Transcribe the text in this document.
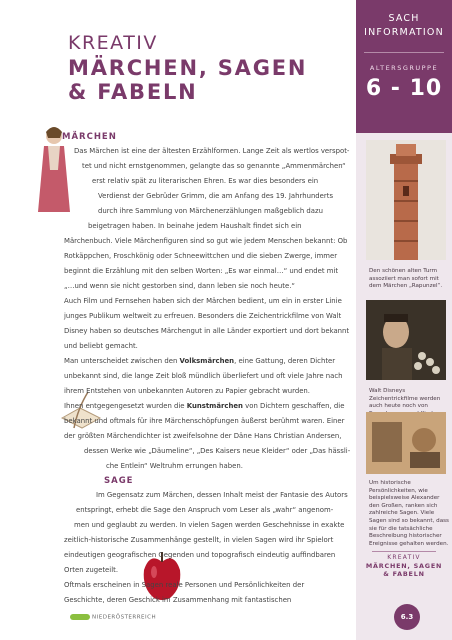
KREATIV
MÄRCHEN, SAGEN
& FABELN
SACH
INFORMATION
ALTERSGRUPPE
6 - 10
Den schönen alten Turm assoziiert man sofort mit dem Märchen „Rapunzel“.
Walt Disneys Zeichentrickfilme werden auch heute noch von
Um historische Persönlichkeiten, wie beispielsweise Alexander den Großen, ranken sich zahlreiche Sagen. Viele Sagen sind so bekannt, dass sie für die tatsächliche Beschreibung historischer Ereignisse gehalten werden.
MÄRCHEN
Das Märchen ist eine der ältesten Erzählformen. Lange Zeit als wertlos verspot-
tet und nicht ernstgenommen, gelangte das so genannte „Ammenmärchen“
erst relativ spät zu literarischen Ehren. Es war dies besonders ein
Verdienst der Gebrüder Grimm, die am Anfang des 19. Jahrhunderts
durch ihre Sammlung von Märchenerzählungen maßgeblich dazu
beigetragen haben. In beinahe jedem Haushalt findet sich ein
Märchenbuch. Viele Märchenfiguren sind so gut wie jedem Menschen bekannt: Ob
Rotkäppchen, Froschkönig oder Schneewittchen und die sieben Zwerge, immer
beginnt die Erzählung mit den selben Worten: „Es war einmal…“ und endet mit
„…und wenn sie nicht gestorben sind, dann leben sie noch heute.“
Auch Film und Fernsehen haben sich der Märchen bedient, um ein in erster Linie
junges Publikum weltweit zu erfreuen. Besonders die Zeichentrickfilme von Walt
Disney haben so deutsches Märchengut in alle Länder exportiert und dort bekannt
und beliebt gemacht.
Man unterscheidet zwischen den Volksmärchen, eine Gattung, deren Dichter
unbekannt sind, die lange Zeit bloß mündlich überliefert und oft viele Jahre nach
ihrem Entstehen von unbekannten Autoren zu Papier gebracht wurden.
Ihnen entgegengesetzt wurden die Kunstmärchen von Dichtern geschaffen, die
bekannt und oftmals für ihre Märchenschöpfungen äußerst berühmt waren. Einer
der größten Märchendichter ist zweifelsohne der Däne Hans Christian Andersen,
dessen Werke wie „Däumeline“, „Des Kaisers neue Kleider“ oder „Das hässli-
che Entlein“ Weltruhm errungen haben.
SAGE
Im Gegensatz zum Märchen, dessen Inhalt meist der Fantasie des Autors
entspringt, erhebt die Sage den Anspruch vom Leser als „wahr“ angenom-
men und geglaubt zu werden. In vielen Sagen werden Geschehnisse in exakte
zeitlich-historische Zusammenhänge gestellt, in vielen Sagen wird ihr Spielort
eindeutigen geografischen Gegenden und topografisch eindeutig auffindbaren
Orten zugeteilt.
Oftmals erscheinen in Sagen reale Personen und Persönlichkeiten der
Geschichte, deren Geschick im Zusammenhang mit fantastischen
NIEDERÖSTERREICH
KREATIV
MÄRCHEN, SAGEN
& FABELN
6.3
